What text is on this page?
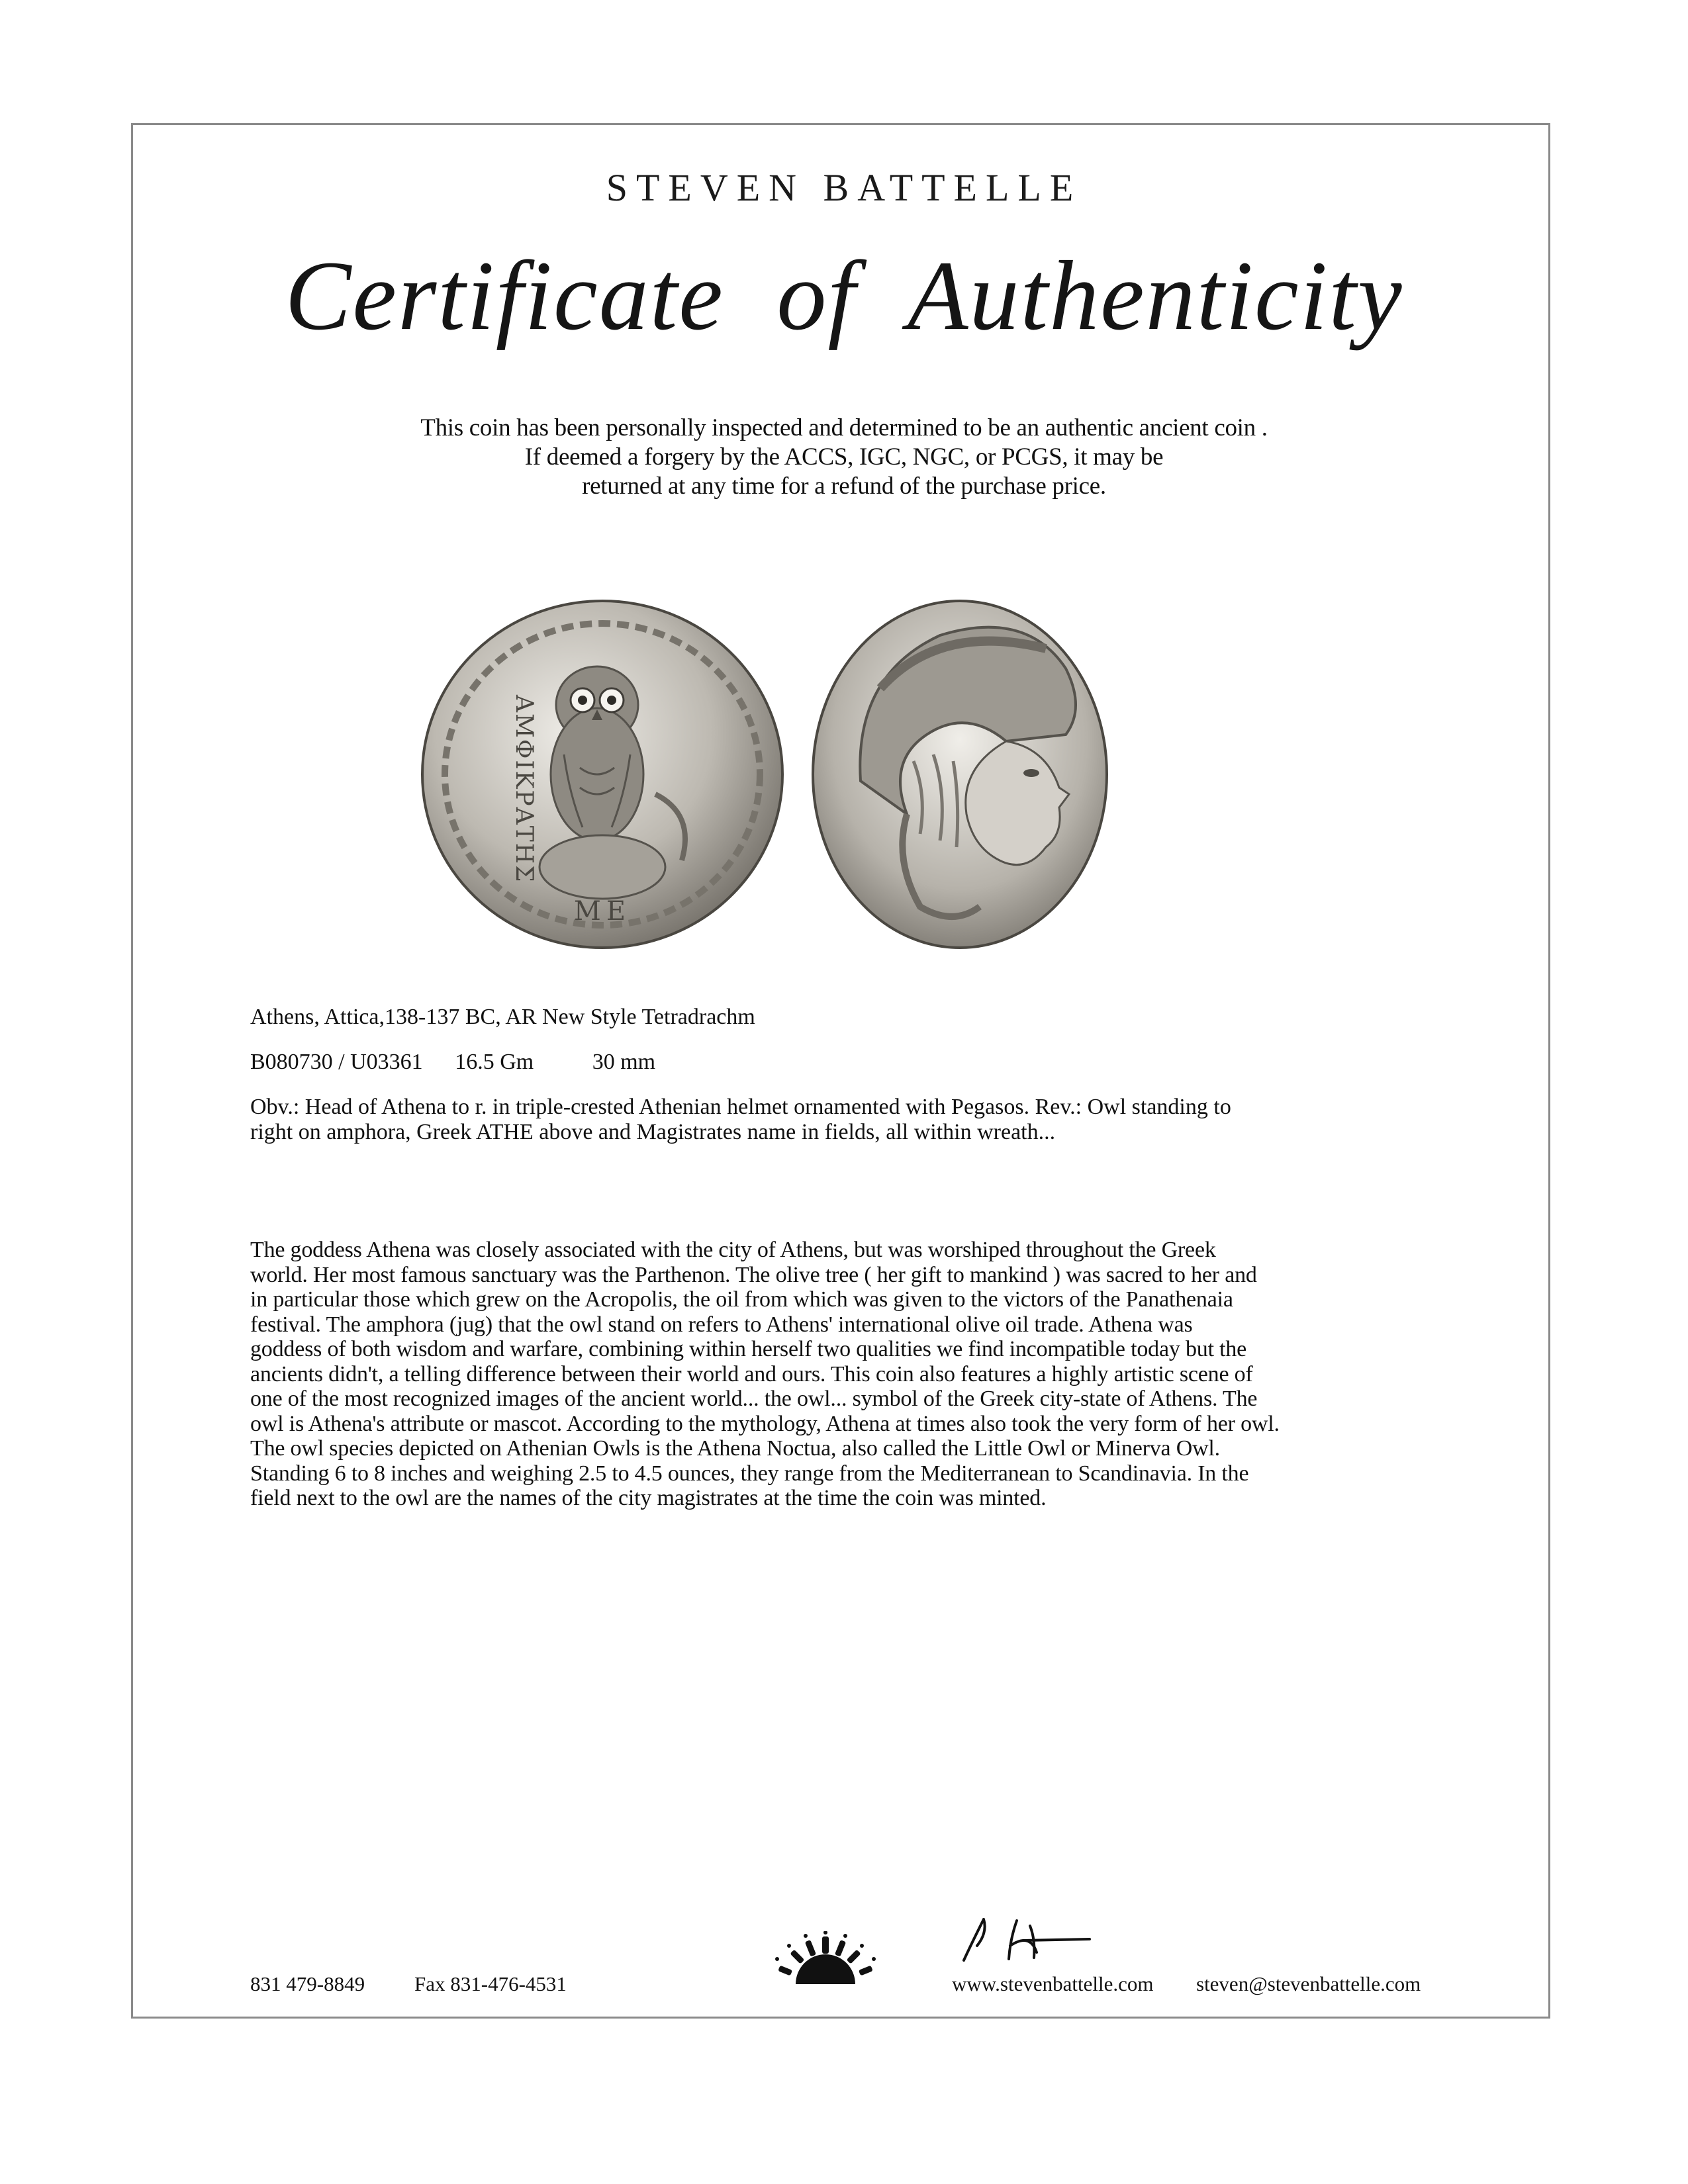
STEVEN BATTELLE
Certificate of Authenticity
This coin has been personally inspected and determined to be an authentic ancient coin .
If deemed a forgery by the ACCS, IGC, NGC, or PCGS, it may be
returned at any time for a refund of the purchase price.
ΑΜΦΙΚΡΑΤΗΣ
ΜΕ
Athens, Attica,138-137 BC, AR New Style Tetradrachm
B080730 / U03361 16.5 Gm	30 mm
Obv.: Head of Athena to r. in triple-crested Athenian helmet ornamented with Pegasos. Rev.: Owl standing to
right on amphora, Greek ATHE above and Magistrates name in fields, all within wreath...
The goddess Athena was closely associated with the city of Athens, but was worshiped throughout the Greek
world. Her most famous sanctuary was the Parthenon. The olive tree ( her gift to mankind ) was sacred to her and
in particular those which grew on the Acropolis, the oil from which was given to the victors of the Panathenaia
festival. The amphora (jug) that the owl stand on refers to Athens' international olive oil trade. Athena was
goddess of both wisdom and warfare, combining within herself two qualities we find incompatible today but the
ancients didn't, a telling difference between their world and ours. This coin also features a highly artistic scene of
one of the most recognized images of the ancient world... the owl... symbol of the Greek city-state of Athens. The
owl is Athena's attribute or mascot. According to the mythology, Athena at times also took the very form of her owl.
The owl species depicted on Athenian Owls is the Athena Noctua, also called the Little Owl or Minerva Owl.
Standing 6 to 8 inches and weighing 2.5 to 4.5 ounces, they range from the Mediterranean to Scandinavia. In the
field next to the owl are the names of the city magistrates at the time the coin was minted.
831 479-8849 Fax 831-476-4531	www.stevenbattelle.com steven@stevenbattelle.com
